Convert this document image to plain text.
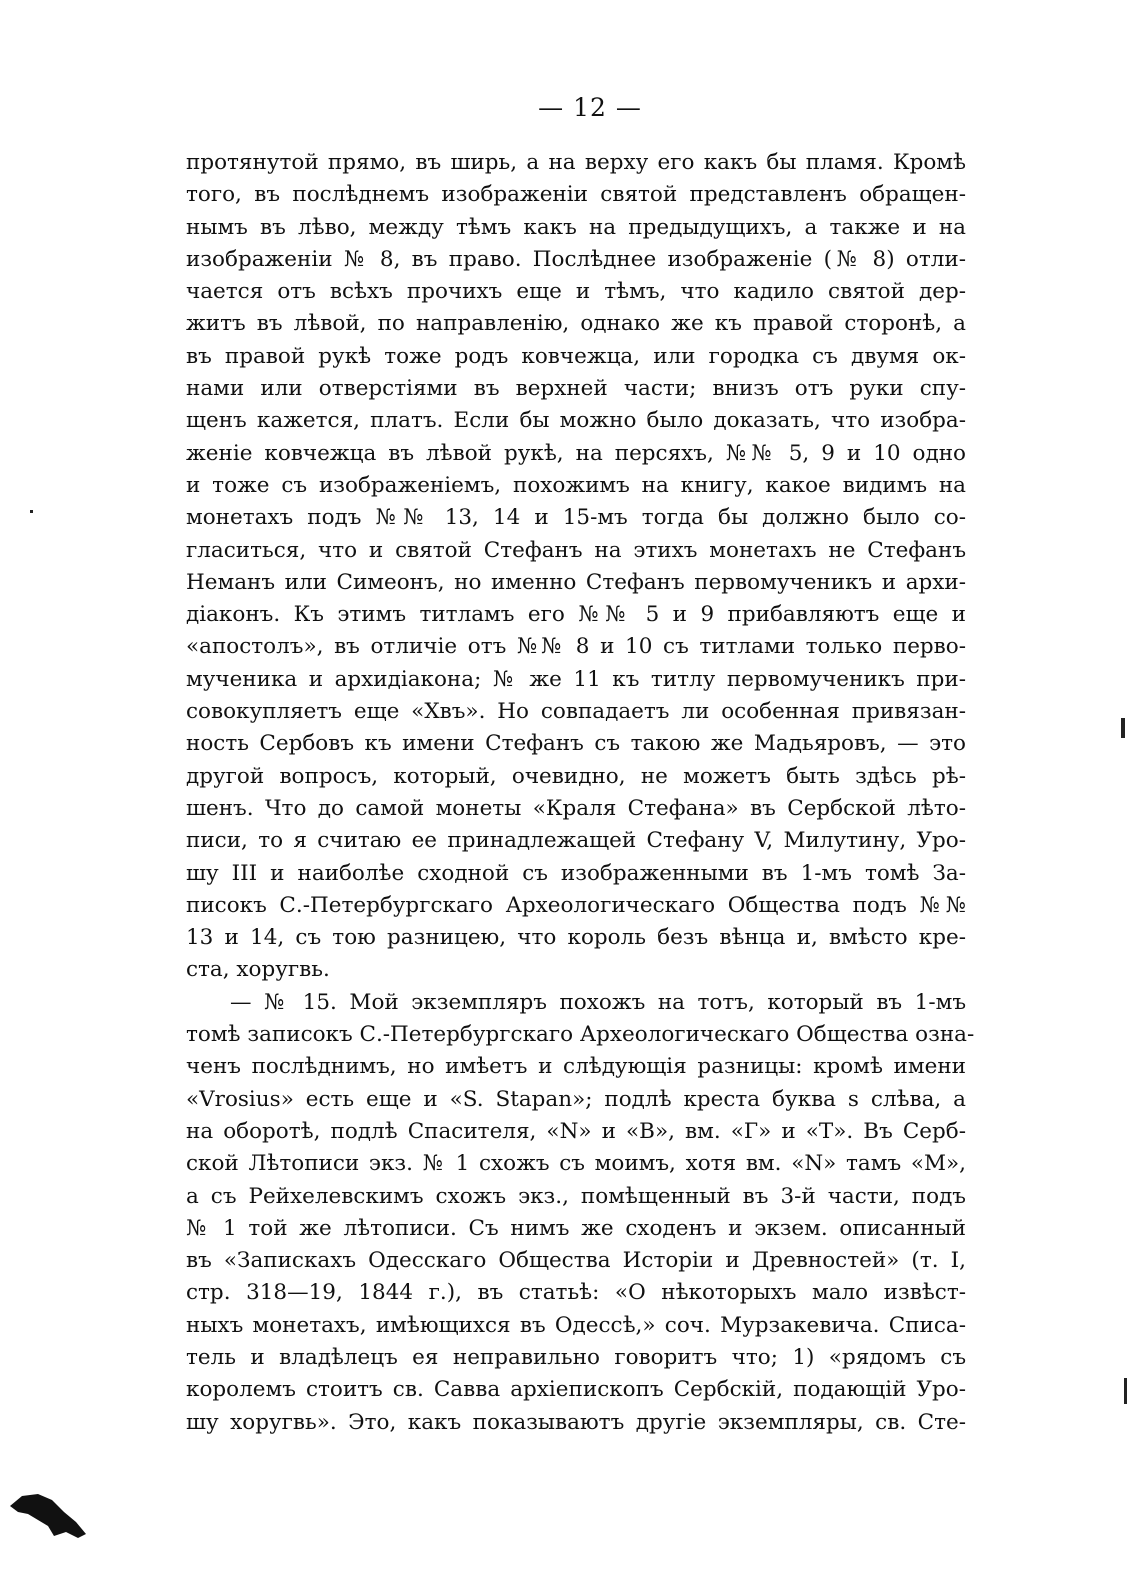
— 12 —
протянутой прямо, въ ширь, а на верху его какъ бы пламя. Кромѣ
того, въ послѣднемъ изображеніи святой представленъ обращен-
нымъ въ лѣво, между тѣмъ какъ на предыдущихъ, а также и на
изображеніи № 8, въ право. Послѣднее изображеніе (№ 8) отли-
чается отъ всѣхъ прочихъ еще и тѣмъ, что кадило святой дер-
житъ въ лѣвой, по направленію, однако же къ правой сторонѣ, а
въ правой рукѣ тоже родъ ковчежца, или городка съ двумя ок-
нами или отверстіями въ верхней части; внизъ отъ руки спу-
щенъ кажется, платъ. Если бы можно было доказать, что изобра-
женіе ковчежца въ лѣвой рукѣ, на персяхъ, №№ 5, 9 и 10 одно
и тоже съ изображеніемъ, похожимъ на книгу, какое видимъ на
монетахъ подъ №№ 13, 14 и 15-мъ тогда бы должно было со-
гласиться, что и святой Стефанъ на этихъ монетахъ не Стефанъ
Неманъ или Симеонъ, но именно Стефанъ первомученикъ и архи-
діаконъ. Къ этимъ титламъ его №№ 5 и 9 прибавляютъ еще и
«апостолъ», въ отличіе отъ №№ 8 и 10 съ титлами только перво-
мученика и архидіакона; № же 11 къ титлу первомученикъ при-
совокупляетъ еще «Хвъ». Но совпадаетъ ли особенная привязан-
ность Сербовъ къ имени Стефанъ съ такою же Мадьяровъ, — это
другой вопросъ, который, очевидно, не можетъ быть здѣсь рѣ-
шенъ. Что до самой монеты «Краля Стефана» въ Сербской лѣто-
писи, то я считаю ее принадлежащей Стефану V, Милутину, Уро-
шу III и наиболѣе сходной съ изображенными въ 1-мъ томѣ За-
писокъ С.-Петербургскаго Археологическаго Общества подъ №№
13 и 14, съ тою разницею, что король безъ вѣнца и, вмѣсто кре-
ста, хоругвь.
— № 15. Мой экземпляръ похожъ на тотъ, который въ 1-мъ
томѣ записокъ С.-Петербургскаго Археологическаго Общества озна-
ченъ послѣднимъ, но имѣетъ и слѣдующія разницы: кромѣ имени
«Vrosius» есть еще и «S. Stapan»; подлѣ креста буква s слѣва, а
на оборотѣ, подлѣ Спасителя, «N» и «B», вм. «Г» и «Т». Въ Серб-
ской Лѣтописи экз. № 1 схожъ съ моимъ, хотя вм. «N» тамъ «M»,
а съ Рейхелевскимъ схожъ экз., помѣщенный въ 3-й части, подъ
№ 1 той же лѣтописи. Съ нимъ же сходенъ и экзем. описанный
въ «Запискахъ Одесскаго Общества Исторіи и Древностей» (т. I,
стр. 318—19, 1844 г.), въ статьѣ: «О нѣкоторыхъ мало извѣст-
ныхъ монетахъ, имѣющихся въ Одессѣ,» соч. Мурзакевича. Списа-
тель и владѣлецъ ея неправильно говоритъ что; 1) «рядомъ съ
королемъ стоитъ св. Савва архіепископъ Сербскій, подающій Уро-
шу хоругвь». Это, какъ показываютъ другіе экземпляры, св. Сте-
